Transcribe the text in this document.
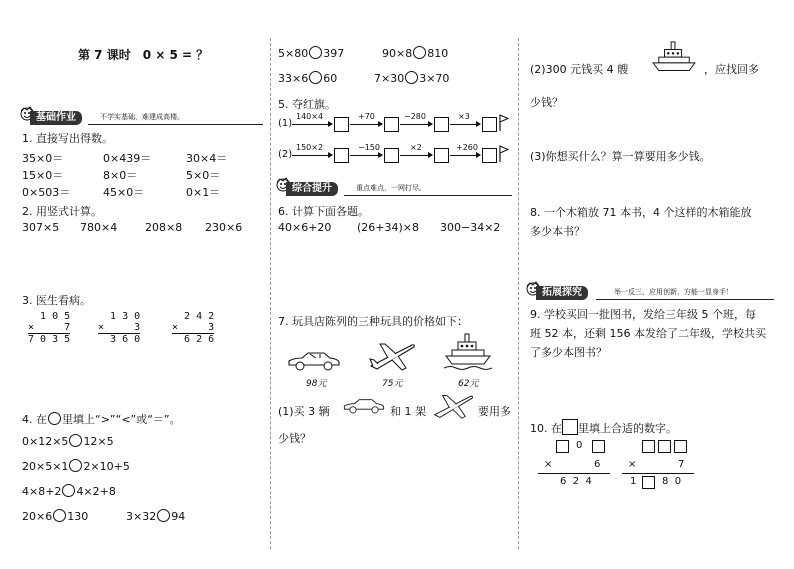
第 7 课时　0 × 5 = ？
基础作业	不学实基础，难建成高楼。
1. 直接写出得数。
35×0＝	0×439＝	30×4＝
15×0＝	8×0＝	5×0＝
0×503＝	45×0＝	0×1＝
2. 用竖式计算。
307×5 780×4	208×8 230×6
3. 医生看病。
1 0 5
×     7
7 0 3 5
1 3 0
×     3
3 6 0
2 4 2
×     3
6 2 6
4. 在 里填上“>”“<”或“＝”。
0×12×5 12×5
20×5×1 2×10+5
4×8+2 4×2+8
20×6 130	3×32 94
5×80 397	90×8 810
33×6 60	7×30 3×70
5. 夺红旗。
(1)
140×4	+70	−280	×3
(2)
150×2	−150	×2	+260
综合提升	重点难点，一网打尽。
6. 计算下面各题。
40×6+20 (26+34)×8 300−34×2
7. 玩具店陈列的三种玩具的价格如下：
98元	75元	62元
(1)买 3 辆	和 1 架	要用多
少钱？
(2)300 元钱买 4 艘	，应找回多
少钱？
(3)你想买什么？算一算要用多少钱。
8. 一个木箱放 71 本书，4 个这样的木箱能放
多少本书？
拓展探究	举一反三，应用创新，方能一显身手！
9. 学校买回一批图书，发给三年级 5 个班，每
班 52 本，还剩 156 本发给了二年级，学校共买
了多少本图书？
10. 在 里填上合适的数字。
0
×	6
6  2  4
×	7
1	8  0
